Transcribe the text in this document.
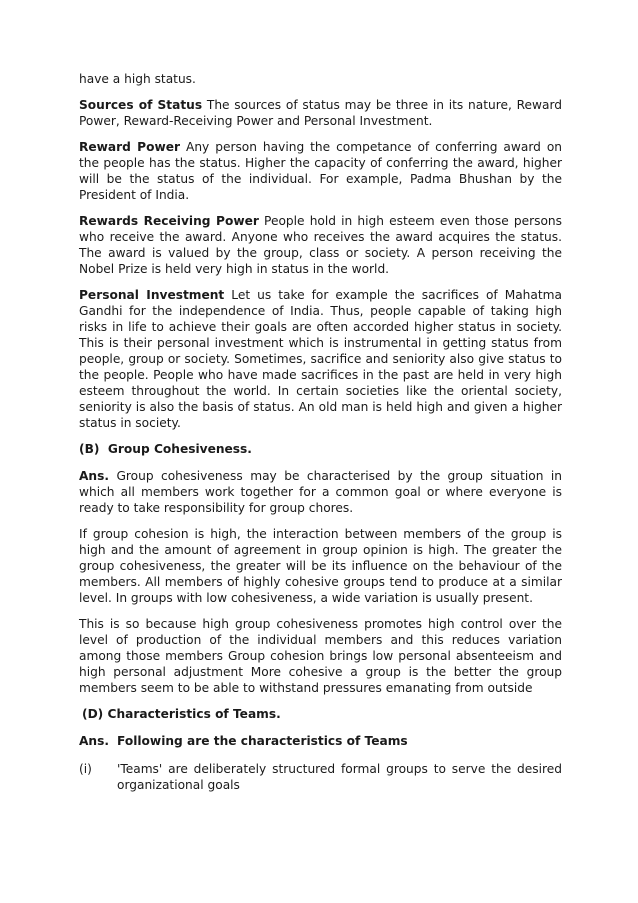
have a high status.

Sources of Status The sources of status may be three in its nature, Reward Power, Reward-Receiving Power and Personal Investment.

Reward Power Any person having the competance of conferring award on the people has the status. Higher the capacity of conferring the award, higher will be the status of the individual. For example, Padma Bhushan by the President of India.

Rewards Receiving Power People hold in high esteem even those persons who receive the award. Anyone who receives the award acquires the status. The award is valued by the group, class or society. A person receiving the Nobel Prize is held very high in status in the world.

Personal Investment Let us take for example the sacrifices of Mahatma Gandhi for the independence of India. Thus, people capable of taking high risks in life to achieve their goals are often accorded higher status in society. This is their personal investment which is instrumental in getting status from people, group or society. Sometimes, sacrifice and seniority also give status to the people. People who have made sacrifices in the past are held in very high esteem throughout the world. In certain societies like the oriental society, seniority is also the basis of status. An old man is held high and given a higher status in society.

(B)  Group Cohesiveness.

Ans. Group cohesiveness may be characterised by the group situation in which all members work together for a common goal or where everyone is ready to take responsibility for group chores.

If group cohesion is high, the interaction between members of the group is high and the amount of agreement in group opinion is high. The greater the group cohesiveness, the greater will be its influence on the behaviour of the members. All members of highly cohesive groups tend to produce at a similar level. In groups with low cohesiveness, a wide variation is usually present.

This is so because high group cohesiveness promotes high control over the level of production of the individual members and this reduces variation among those members Group cohesion brings low personal absenteeism and high personal adjustment More cohesive a group is the better the group members seem to be able to withstand pressures emanating from outside

(D) Characteristics of Teams.

Ans. Following are the characteristics of Teams
(i)	'Teams' are deliberately structured formal groups to serve the desired organizational goals
